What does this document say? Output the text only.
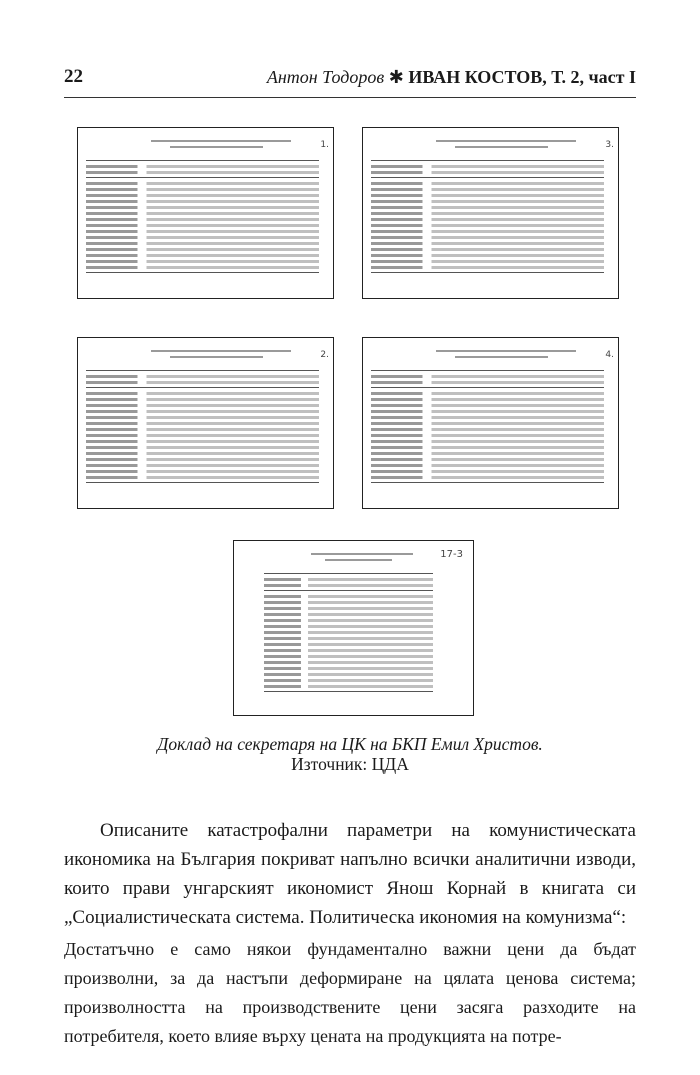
22	Антон Тодоров ✱ ИВАН КОСТОВ, Т. 2, част I
1.	3.
2.	4.
17-3
Доклад на секретаря на ЦК на БКП Емил Христов.
Източник: ЦДА

Описаните катастрофални параметри на комунистическата икономика на България покриват напълно всички аналитични изводи, които прави унгарският икономист Янош Корнай в книгата си „Социалистическата система. Политическа икономия на комунизма“:

Достатъчно е само някои фундаментално важни цени да бъдат произволни, за да настъпи деформиране на цялата ценова система; произволността на производствените цени засяга разходите на потребителя, което влияе върху цената на продукцията на потре-
